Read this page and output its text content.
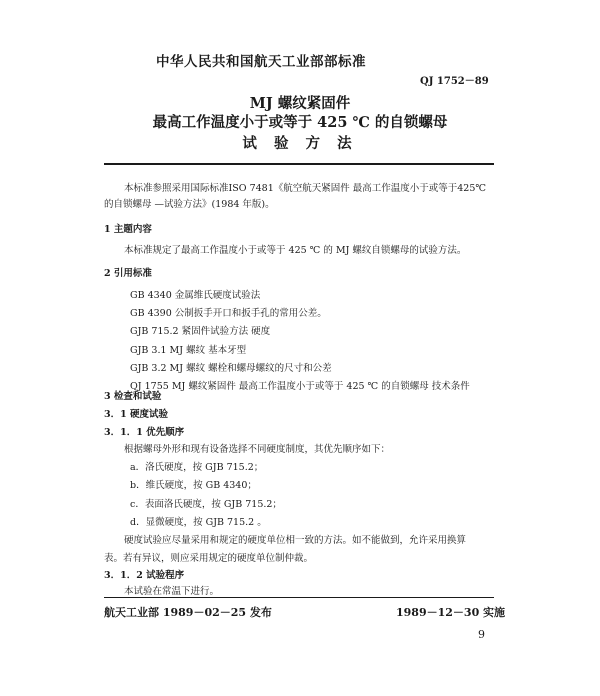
中华人民共和国航天工业部部标准
QJ 1752－89
MJ 螺纹紧固件
最高工作温度小于或等于 425 ℃ 的自锁螺母
试 验 方 法
本标准参照采用国际标准ISO 7481《航空航天紧固件 最高工作温度小于或等于425℃
的自锁螺母 —试验方法》(1984 年版)。
1 主题内容
本标准规定了最高工作温度小于或等于 425 ℃ 的 MJ 螺纹自锁螺母的试验方法。
2 引用标准
GB 4340 金属维氏硬度试验法
GB 4390 公制扳手开口和扳手孔的常用公差。
GJB 715.2 紧固件试验方法 硬度
GJB 3.1 MJ 螺纹 基本牙型
GJB 3.2 MJ 螺纹 螺栓和螺母螺纹的尺寸和公差
QJ 1755 MJ 螺纹紧固件 最高工作温度小于或等于 425 ℃ 的自锁螺母 技术条件
3 检查和试验
3．1 硬度试验
3．1．1 优先顺序
根据螺母外形和现有设备选择不同硬度制度，其优先顺序如下：
a．洛氏硬度，按 GJB 715.2；
b．维氏硬度，按 GB 4340；
c．表面洛氏硬度，按 GJB 715.2；
d．显微硬度，按 GJB 715.2 。
硬度试验应尽量采用和规定的硬度单位相一致的方法。如不能做到，允许采用换算
表。若有异议，则应采用规定的硬度单位制仲裁。
3．1．2 试验程序
本试验在常温下进行。
航天工业部 1989－02－25 发布	1989－12－30 实施
9
